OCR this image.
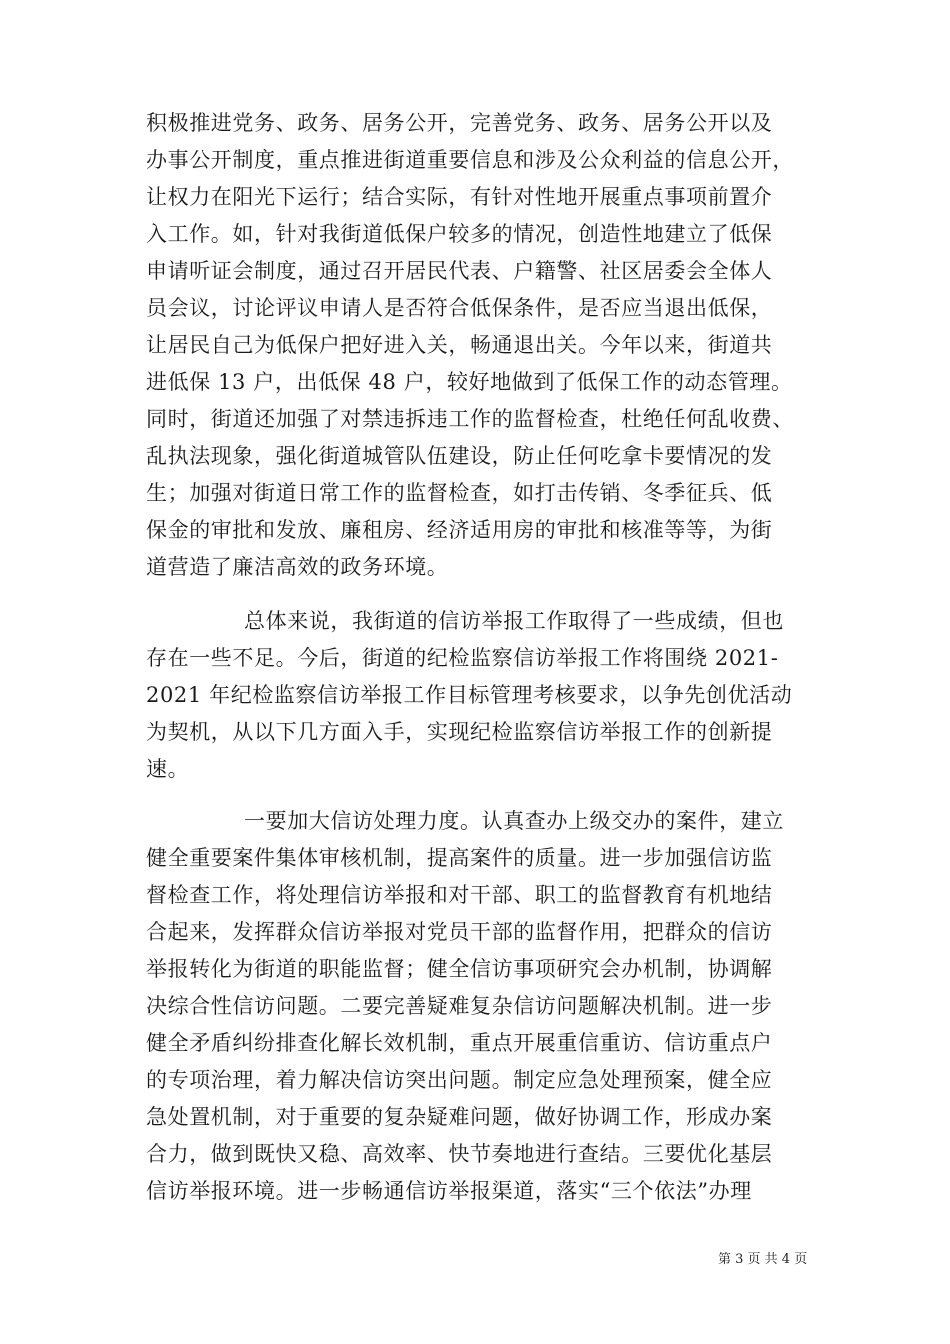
积极推进党务、政务、居务公开，完善党务、政务、居务公开以及
办事公开制度，重点推进街道重要信息和涉及公众利益的信息公开，
让权力在阳光下运行；结合实际，有针对性地开展重点事项前置介
入工作。如，针对我街道低保户较多的情况，创造性地建立了低保
申请听证会制度，通过召开居民代表、户籍警、社区居委会全体人
员会议，讨论评议申请人是否符合低保条件，是否应当退出低保，
让居民自己为低保户把好进入关，畅通退出关。今年以来，街道共
进低保 13 户，出低保 48 户，较好地做到了低保工作的动态管理。
同时，街道还加强了对禁违拆违工作的监督检查，杜绝任何乱收费、
乱执法现象，强化街道城管队伍建设，防止任何吃拿卡要情况的发
生；加强对街道日常工作的监督检查，如打击传销、冬季征兵、低
保金的审批和发放、廉租房、经济适用房的审批和核准等等，为街
道营造了廉洁高效的政务环境。
总体来说，我街道的信访举报工作取得了一些成绩，但也
存在一些不足。今后，街道的纪检监察信访举报工作将围绕 2021-
2021 年纪检监察信访举报工作目标管理考核要求，以争先创优活动
为契机，从以下几方面入手，实现纪检监察信访举报工作的创新提
速。
一要加大信访处理力度。认真查办上级交办的案件，建立
健全重要案件集体审核机制，提高案件的质量。进一步加强信访监
督检查工作，将处理信访举报和对干部、职工的监督教育有机地结
合起来，发挥群众信访举报对党员干部的监督作用，把群众的信访
举报转化为街道的职能监督；健全信访事项研究会办机制，协调解
决综合性信访问题。二要完善疑难复杂信访问题解决机制。进一步
健全矛盾纠纷排查化解长效机制，重点开展重信重访、信访重点户
的专项治理，着力解决信访突出问题。制定应急处理预案，健全应
急处置机制，对于重要的复杂疑难问题，做好协调工作，形成办案
合力，做到既快又稳、高效率、快节奏地进行查结。三要优化基层
信访举报环境。进一步畅通信访举报渠道，落实“三个依法”办理
第 3 页 共 4 页
